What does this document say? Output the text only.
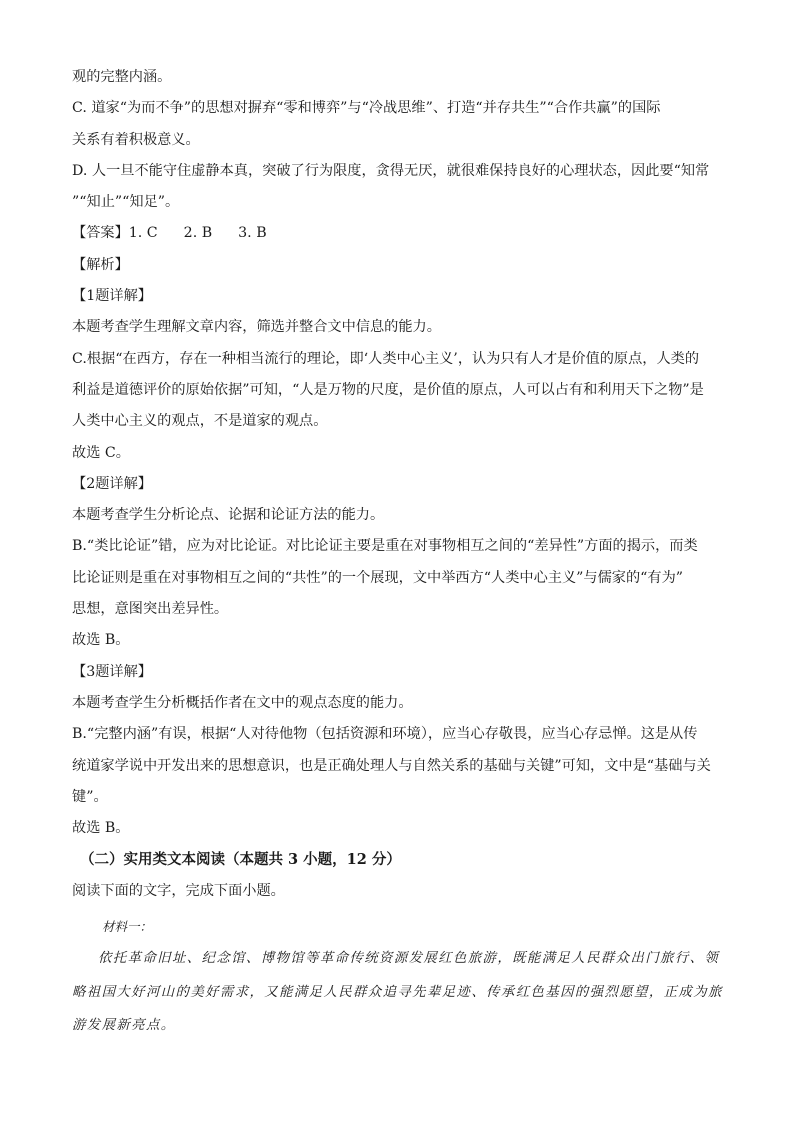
观的完整内涵。

C. 道家“为而不争”的思想对摒弃“零和博弈”与“冷战思维”、打造“并存共生”“合作共赢”的国际

关系有着积极意义。

D. 人一旦不能守住虚静本真，突破了行为限度，贪得无厌，就很难保持良好的心理状态，因此要“知常

”“知止”“知足”。

【答案】1. C 2. B 3. B

【解析】

【1题详解】

本题考查学生理解文章内容，筛选并整合文中信息的能力。

C.根据“在西方，存在一种相当流行的理论，即‘人类中心主义’，认为只有人才是价值的原点，人类的

利益是道德评价的原始依据”可知，“人是万物的尺度，是价值的原点，人可以占有和利用天下之物”是

人类中心主义的观点，不是道家的观点。

故选 C。

【2题详解】

本题考查学生分析论点、论据和论证方法的能力。

B.“类比论证”错，应为对比论证。对比论证主要是重在对事物相互之间的“差异性”方面的揭示，而类

比论证则是重在对事物相互之间的“共性”的一个展现，文中举西方“人类中心主义”与儒家的“有为”

思想，意图突出差异性。

故选 B。

【3题详解】

本题考查学生分析概括作者在文中的观点态度的能力。

B.“完整内涵”有误，根据“人对待他物（包括资源和环境），应当心存敬畏，应当心存忌惮。这是从传

统道家学说中开发出来的思想意识，也是正确处理人与自然关系的基础与关键”可知，文中是“基础与关

键”。

故选 B。

（二）实用类文本阅读（本题共 3 小题，12 分）

阅读下面的文字，完成下面小题。

材料一：

依托革命旧址、纪念馆、博物馆等革命传统资源发展红色旅游，既能满足人民群众出门旅行、领略祖国大好河山的美好需求，又能满足人民群众追寻先辈足迹、传承红色基因的强烈愿望，正成为旅游发展新亮点。
